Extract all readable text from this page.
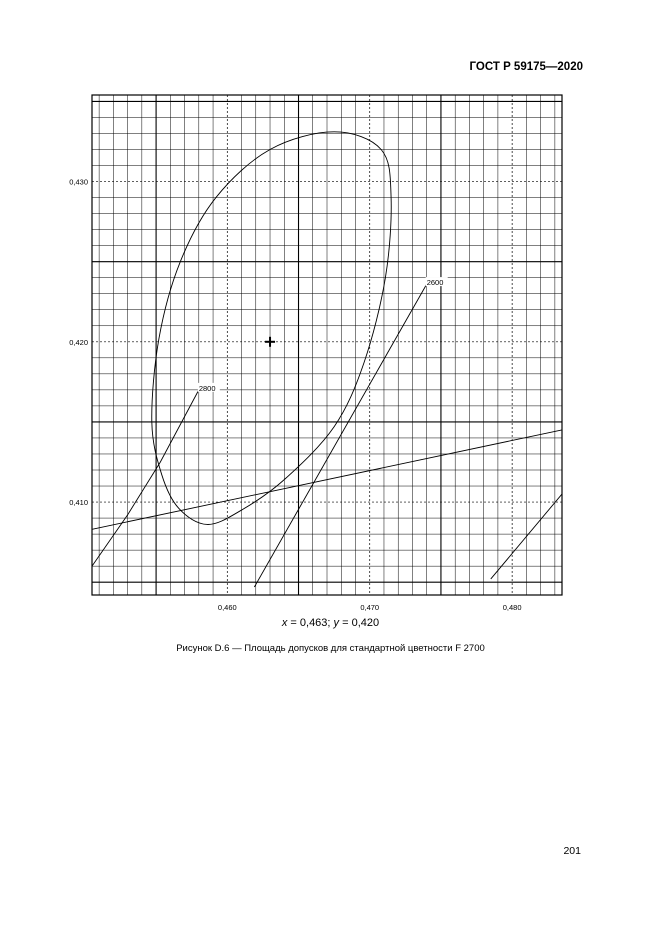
ГОСТ Р 59175—2020
0,460	0,470	0,480
0,410
0,420
0,430
2800
2600
x = 0,463; y = 0,420
Рисунок D.6 — Площадь допусков для стандартной цветности F 2700
201
